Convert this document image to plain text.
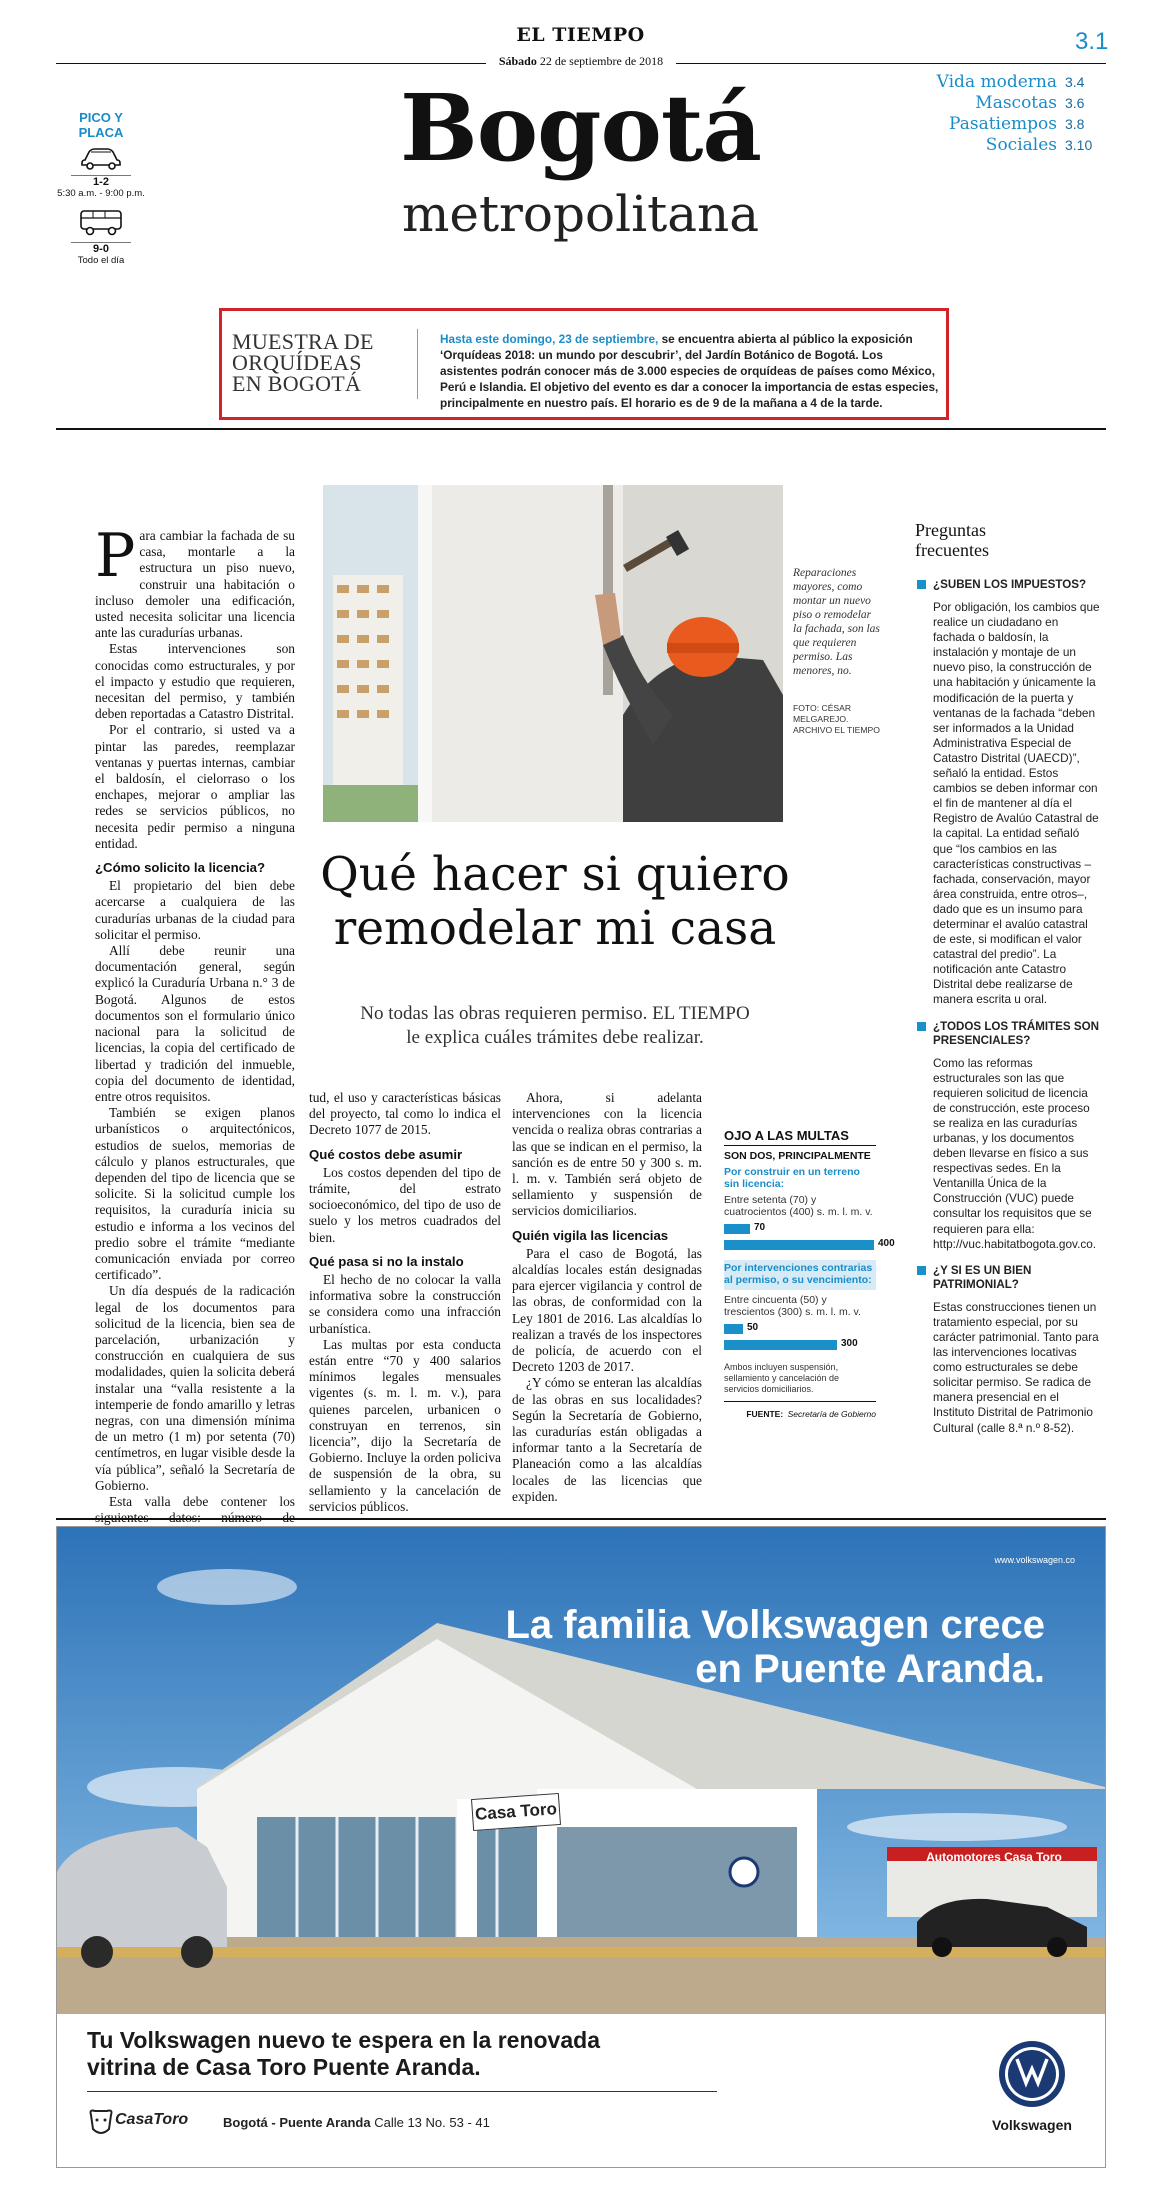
EL TIEMPO
Sábado 22 de septiembre de 2018
3.1
Bogotá
metropolitana
Vida moderna 3.4
Mascotas 3.6
Pasatiempos 3.8
Sociales 3.10
PICO Y PLACA
1-2
5:30 a.m. - 9:00 p.m.
9-0
Todo el día
MUESTRA DE
ORQUÍDEAS
EN BOGOTÁ
Hasta este domingo, 23 de septiembre, se encuentra abierta al público la exposición ‘Orquídeas 2018: un mundo por descubrir’, del Jardín Botánico de Bogotá. Los asistentes podrán conocer más de 3.000 especies de orquídeas de países como México, Perú e Islandia. El objetivo del evento es dar a conocer la importancia de estas especies, principalmente en nuestro país. El horario es de 9 de la mañana a 4 de la tarde.
Reparaciones mayores, como montar un nuevo piso o remodelar la fachada, son las que requieren permiso. Las menores, no.
FOTO: CÉSAR MELGAREJO. ARCHIVO EL TIEMPO
Qué hacer si quiero
remodelar mi casa
No todas las obras requieren permiso. EL TIEMPO
le explica cuáles trámites debe realizar.

Para cambiar la fachada de su casa, montarle a la estructura un piso nuevo, construir una habitación o incluso demoler una edificación, usted necesita solicitar una licencia ante las curadurías urbanas.

Estas intervenciones son conocidas como estructurales, y por el impacto y estudio que requieren, necesitan del permiso, y también deben reportadas a Catastro Distrital.

Por el contrario, si usted va a pintar las paredes, reemplazar ventanas y puertas internas, cambiar el baldosín, el cielorraso o los enchapes, mejorar o ampliar las redes se servicios públicos, no necesita pedir permiso a ninguna entidad.

¿Cómo solicito la licencia?

El propietario del bien debe acercarse a cualquiera de las curadurías urbanas de la ciudad para solicitar el permiso.

Allí debe reunir una documentación general, según explicó la Curaduría Urbana n.° 3 de Bogotá. Algunos de estos documentos son el formulario único nacional para la solicitud de licencias, la copia del certificado de libertad y tradición del inmueble, copia del documento de identidad, entre otros requisitos.

También se exigen planos urbanísticos o arquitectónicos, estudios de suelos, memorias de cálculo y planos estructurales, que dependen del tipo de licencia que se solicite. Si la solicitud cumple los requisitos, la curaduría inicia su estudio e informa a los vecinos del predio sobre el trámite “mediante comunicación enviada por correo certificado”.

Un día después de la radicación legal de los documentos para solicitud de la licencia, bien sea de parcelación, urbanización y construcción en cualquiera de sus modalidades, quien la solicita deberá instalar una “valla resistente a la intemperie de fondo amarillo y letras negras, con una dimensión mínima de un metro (1 m) por setenta (70) centímetros, en lugar visible desde la vía pública”, señaló la Secretaría de Gobierno.

Esta valla debe contener los

tud, el uso y características básicas del proyecto, tal como lo indica el Decreto 1077 de 2015.

Qué costos debe asumir

Los costos dependen del tipo de trámite, del estrato socioeconómico, del tipo de uso de suelo y los metros cuadrados del bien.

Qué pasa si no la instalo

El hecho de no colocar la valla informativa sobre la construcción se considera como una infracción urbanística.

Las multas por esta conducta están entre “70 y 400 salarios mínimos legales mensuales vigentes (s. m. l. m. v.), para quienes parcelen, urbanicen o construyan en terrenos, sin licencia”, dijo la Secretaría de Gobierno. Incluye la orden policiva de suspensión de la obra, su sellamiento y la cancelación de servicios públicos.

Ahora, si adelanta intervenciones con la licencia vencida o realiza obras contrarias a las que se indican en el permiso, la sanción es de entre 50 y 300 s. m. l. m. v. También será objeto de sellamiento y suspensión de servicios domiciliarios.

Quién vigila las licencias

Para el caso de Bogotá, las alcaldías locales están designadas para ejercer vigilancia y control de las obras, de conformidad con la Ley 1801 de 2016. Las alcaldías lo realizan a través de los inspectores de policía, de acuerdo con el Decreto 1203 de 2017.

¿Y cómo se enteran las alcaldías de las obras en sus localidades? Según la Secretaría de Gobierno, las curadurías están obligadas a informar tanto a la Secretaría de Planeación como a las alcaldías locales de las licencias que expiden.

OJO A LAS MULTAS
SON DOS, PRINCIPALMENTE
Por construir en un terreno sin licencia:
Entre setenta (70) y cuatrocientos (400) s. m. l. m. v.
70
400
Por intervenciones contrarias al permiso, o su vencimiento:
Entre cincuenta (50) y trescientos (300) s. m. l. m. v.
50
300
Ambos incluyen suspensión, sellamiento y cancelación de servicios domiciliarios.
FUENTE: Secretaría de Gobierno
Preguntas
frecuentes
¿SUBEN LOS IMPUESTOS?
Por obligación, los cambios que realice un ciudadano en fachada o baldosín, la instalación y montaje de un nuevo piso, la construcción de una habitación y únicamente la modificación de la puerta y ventanas de la fachada “deben ser informados a la Unidad Administrativa Especial de Catastro Distrital (UAECD)”, señaló la entidad. Estos cambios se deben informar con el fin de mantener al día el Registro de Avalúo Catastral de la capital. La entidad señaló que “los cambios en las características constructivas –fachada, conservación, mayor área construida, entre otros–, dado que es un insumo para determinar el avalúo catastral de este, si modifican el valor catastral del predio”. La notificación ante Catastro Distrital debe realizarse de manera escrita u oral.
¿TODOS LOS TRÁMITES SON PRESENCIALES?
Como las reformas estructurales son las que requieren solicitud de licencia de construcción, este proceso se realiza en las curadurías urbanas, y los documentos deben llevarse en físico a sus respectivas sedes. En la Ventanilla Única de la Construcción (VUC) puede consultar los requisitos que se requieren para ella: http://vuc.habitatbogota.gov.co.
¿Y SI ES UN BIEN PATRIMONIAL?
Estas construcciones tienen un tratamiento especial, por su carácter patrimonial. Tanto para las intervenciones locativas como estructurales se debe solicitar permiso. Se radica de manera presencial en el Instituto Distrital de Patrimonio Cultural (calle 8.ª n.º 8-52).
www.volkswagen.co
La familia Volkswagen crece
en Puente Aranda.
Casa Toro
Automotores Casa Toro
Tu Volkswagen nuevo te espera en la renovada
vitrina de Casa Toro Puente Aranda.
CasaToro	Bogotá - Puente Aranda Calle 13 No. 53 - 41	Volkswagen
